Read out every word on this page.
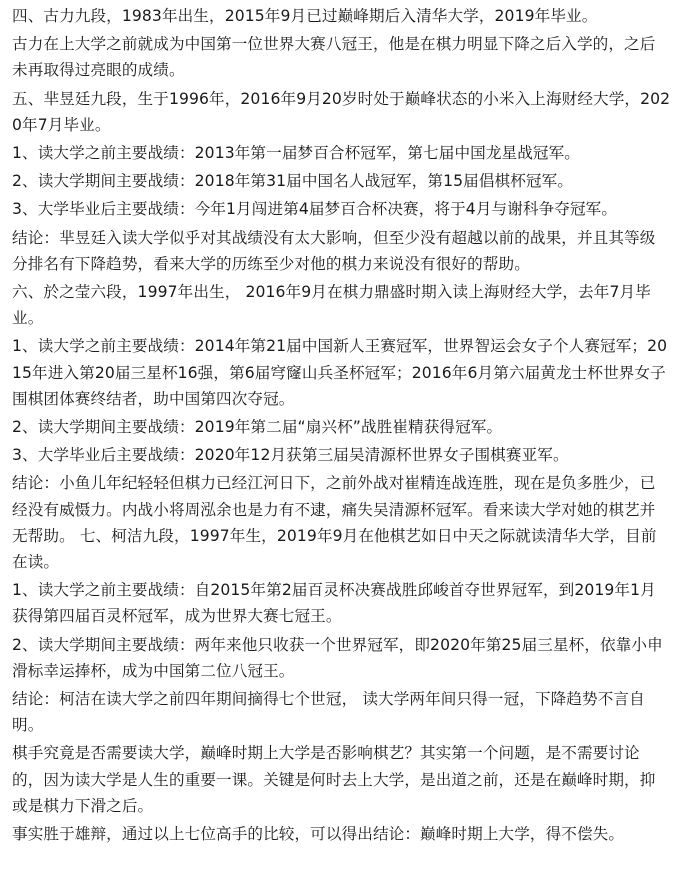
四、古力九段，1983年出生，2015年9月已过巅峰期后入清华大学，2019年毕业。

古力在上大学之前就成为中国第一位世界大赛八冠王，他是在棋力明显下降之后入学的，之后未再取得过亮眼的成绩。

五、芈昱廷九段，生于1996年，2016年9月20岁时处于巅峰状态的小米入上海财经大学，2020年7月毕业。

1、读大学之前主要战绩：2013年第一届梦百合杯冠军，第七届中国龙星战冠军。

2、读大学期间主要战绩：2018年第31届中国名人战冠军，第15届倡棋杯冠军。

3、大学毕业后主要战绩：今年1月闯进第4届梦百合杯决赛，将于4月与谢科争夺冠军。

结论：芈昱廷入读大学似乎对其战绩没有太大影响，但至少没有超越以前的战果，并且其等级分排名有下降趋势，看来大学的历练至少对他的棋力来说没有很好的帮助。

六、於之莹六段，1997年出生， 2016年9月在棋力鼎盛时期入读上海财经大学，去年7月毕业。

1、读大学之前主要战绩：2014年第21届中国新人王赛冠军，世界智运会女子个人赛冠军；2015年进入第20届三星杯16强，第6届穹窿山兵圣杯冠军；2016年6月第六届黄龙士杯世界女子围棋团体赛终结者，助中国第四次夺冠。

2、读大学期间主要战绩：2019年第二届“扇兴杯”战胜崔精获得冠军。

3、大学毕业后主要战绩：2020年12月获第三届吴清源杯世界女子围棋赛亚军。

结论：小鱼儿年纪轻轻但棋力已经江河日下，之前外战对崔精连战连胜，现在是负多胜少，已经没有威慑力。内战小将周泓余也是力有不逮，痛失吴清源杯冠军。看来读大学对她的棋艺并无帮助。 七、柯洁九段，1997年生，2019年9月在他棋艺如日中天之际就读清华大学，目前在读。

1、读大学之前主要战绩：自2015年第2届百灵杯决赛战胜邱峻首夺世界冠军，到2019年1月获得第四届百灵杯冠军，成为世界大赛七冠王。

2、读大学期间主要战绩：两年来他只收获一个世界冠军，即2020年第25届三星杯，依靠小申滑标幸运捧杯，成为中国第二位八冠王。

结论：柯洁在读大学之前四年期间摘得七个世冠， 读大学两年间只得一冠，下降趋势不言自明。

棋手究竟是否需要读大学，巅峰时期上大学是否影响棋艺？其实第一个问题，是不需要讨论的，因为读大学是人生的重要一课。关键是何时去上大学，是出道之前，还是在巅峰时期，抑或是棋力下滑之后。

事实胜于雄辩，通过以上七位高手的比较，可以得出结论：巅峰时期上大学，得不偿失。
